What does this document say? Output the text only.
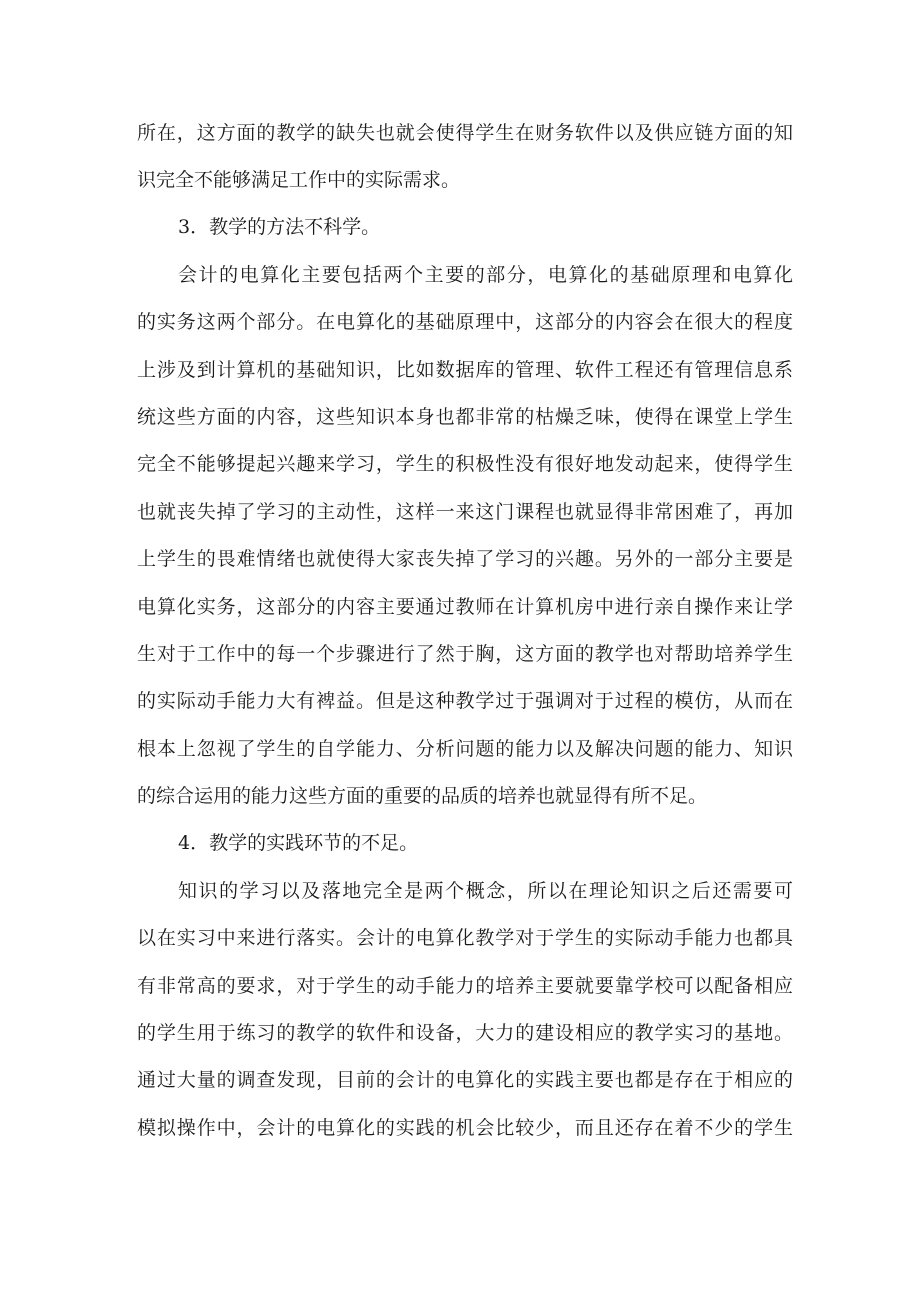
所在，这方面的教学的缺失也就会使得学生在财务软件以及供应链方面的知
识完全不能够满足工作中的实际需求。
3．教学的方法不科学。
会计的电算化主要包括两个主要的部分，电算化的基础原理和电算化
的实务这两个部分。在电算化的基础原理中，这部分的内容会在很大的程度
上涉及到计算机的基础知识，比如数据库的管理、软件工程还有管理信息系
统这些方面的内容，这些知识本身也都非常的枯燥乏味，使得在课堂上学生
完全不能够提起兴趣来学习，学生的积极性没有很好地发动起来，使得学生
也就丧失掉了学习的主动性，这样一来这门课程也就显得非常困难了，再加
上学生的畏难情绪也就使得大家丧失掉了学习的兴趣。另外的一部分主要是
电算化实务，这部分的内容主要通过教师在计算机房中进行亲自操作来让学
生对于工作中的每一个步骤进行了然于胸，这方面的教学也对帮助培养学生
的实际动手能力大有裨益。但是这种教学过于强调对于过程的模仿，从而在
根本上忽视了学生的自学能力、分析问题的能力以及解决问题的能力、知识
的综合运用的能力这些方面的重要的品质的培养也就显得有所不足。
4．教学的实践环节的不足。
知识的学习以及落地完全是两个概念，所以在理论知识之后还需要可
以在实习中来进行落实。会计的电算化教学对于学生的实际动手能力也都具
有非常高的要求，对于学生的动手能力的培养主要就要靠学校可以配备相应
的学生用于练习的教学的软件和设备，大力的建设相应的教学实习的基地。
通过大量的调查发现，目前的会计的电算化的实践主要也都是存在于相应的
模拟操作中，会计的电算化的实践的机会比较少，而且还存在着不少的学生
